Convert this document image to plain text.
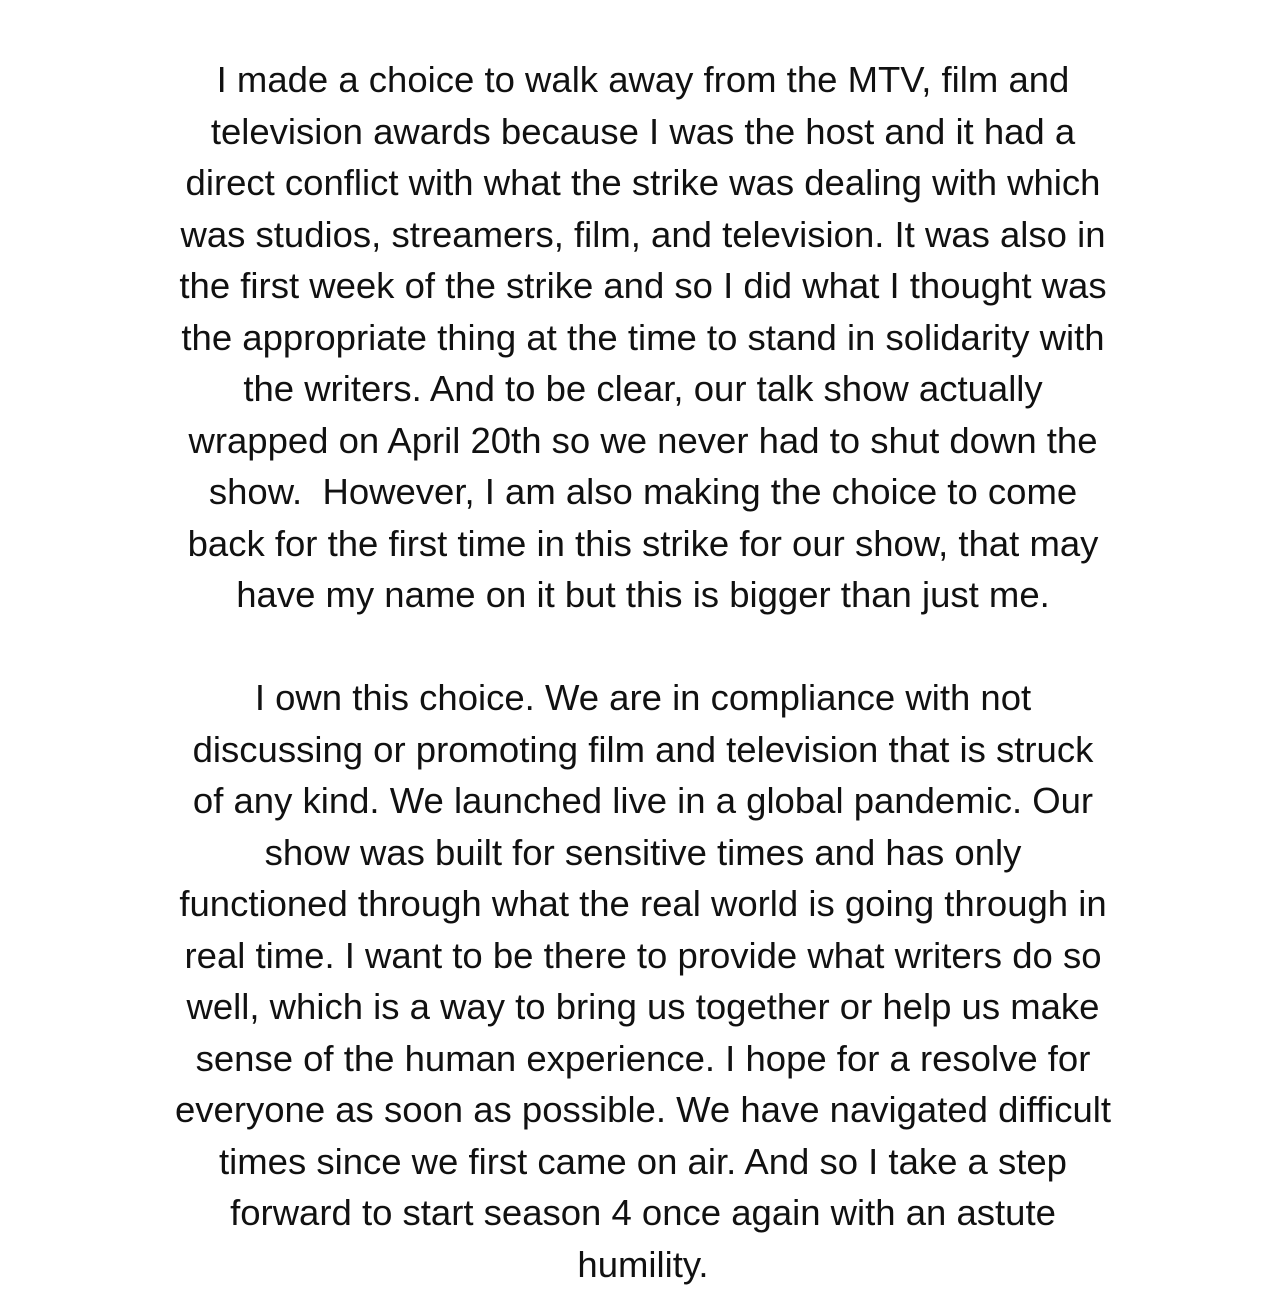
I made a choice to walk away from the MTV, film and
television awards because I was the host and it had a
direct conflict with what the strike was dealing with which
was studios, streamers, film, and television. It was also in
the first week of the strike and so I did what I thought was
the appropriate thing at the time to stand in solidarity with
the writers. And to be clear, our talk show actually
wrapped on April 20th so we never had to shut down the
show.  However, I am also making the choice to come
back for the first time in this strike for our show, that may
have my name on it but this is bigger than just me.
I own this choice. We are in compliance with not
discussing or promoting film and television that is struck
of any kind. We launched live in a global pandemic. Our
show was built for sensitive times and has only
functioned through what the real world is going through in
real time. I want to be there to provide what writers do so
well, which is a way to bring us together or help us make
sense of the human experience. I hope for a resolve for
everyone as soon as possible. We have navigated difficult
times since we first came on air. And so I take a step
forward to start season 4 once again with an astute
humility.
